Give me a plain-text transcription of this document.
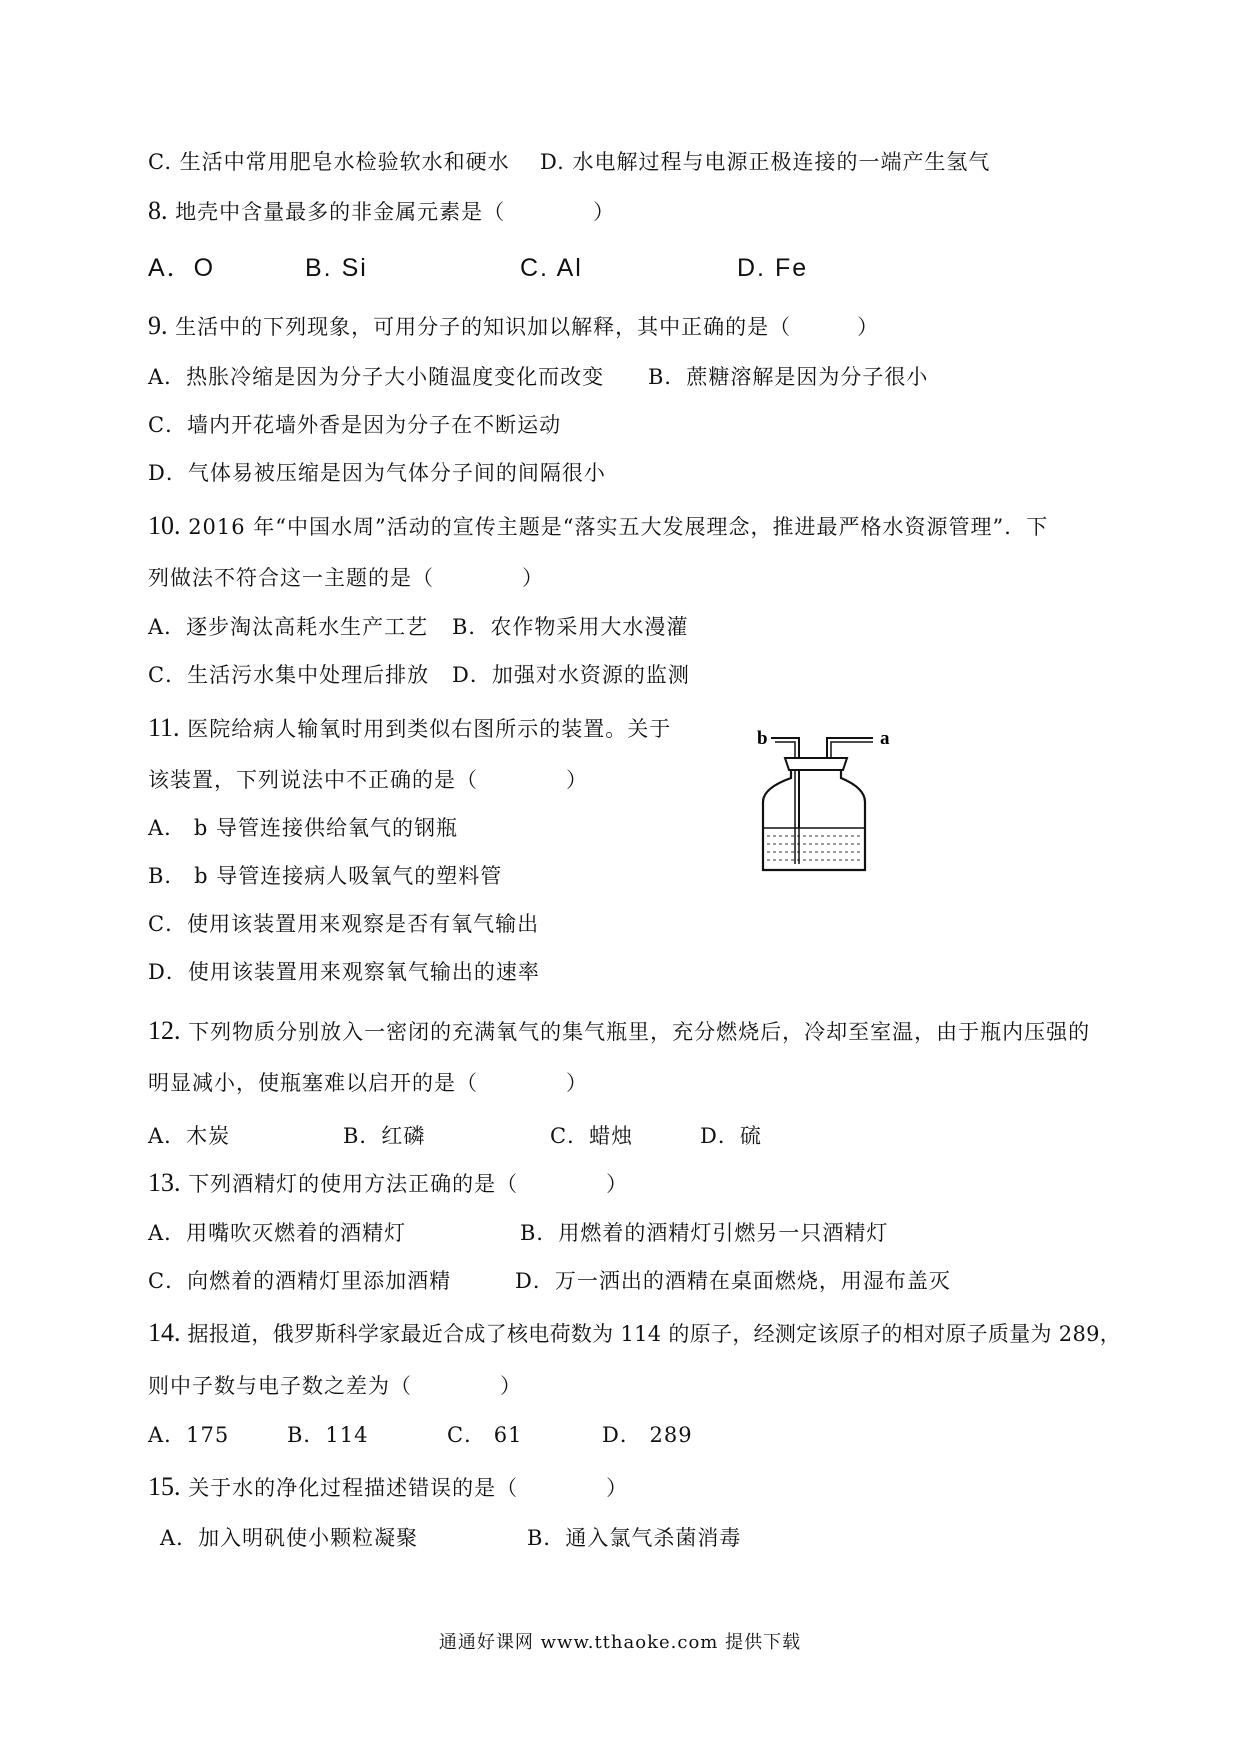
C. 生活中常用肥皂水检验软水和硬水 D. 水电解过程与电源正极连接的一端产生氢气
8. 地壳中含量最多的非金属元素是（　　　　）
A．O	B. Si	C. Al	D. Fe
9. 生活中的下列现象，可用分子的知识加以解释，其中正确的是（　　　）
A．热胀冷缩是因为分子大小随温度变化而改变 B．蔗糖溶解是因为分子很小
C．墙内开花墙外香是因为分子在不断运动
D．气体易被压缩是因为气体分子间的间隔很小
10. 2016 年“中国水周”活动的宣传主题是“落实五大发展理念，推进最严格水资源管理”．下
列做法不符合这一主题的是（　　　　）
A．逐步淘汰高耗水生产工艺 B．农作物采用大水漫灌
C．生活污水集中处理后排放 D．加强对水资源的监测
11. 医院给病人输氧时用到类似右图所示的装置。关于
该装置，下列说法中不正确的是（　　　　）
A． b 导管连接供给氧气的钢瓶
B． b 导管连接病人吸氧气的塑料管
C．使用该装置用来观察是否有氧气输出
D．使用该装置用来观察氧气输出的速率
b	a
12. 下列物质分别放入一密闭的充满氧气的集气瓶里，充分燃烧后，冷却至室温，由于瓶内压强的
明显减小，使瓶塞难以启开的是（　　　　）
A．木炭	B．红磷	C．蜡烛	D．硫
13. 下列酒精灯的使用方法正确的是（　　　　）
A．用嘴吹灭燃着的酒精灯	B．用燃着的酒精灯引燃另一只酒精灯
C．向燃着的酒精灯里添加酒精	D．万一洒出的酒精在桌面燃烧，用湿布盖灭
14. 据报道，俄罗斯科学家最近合成了核电荷数为 114 的原子，经测定该原子的相对原子质量为 289，
则中子数与电子数之差为（　　　　）
A．175	B．114	C． 61	D． 289
15. 关于水的净化过程描述错误的是（　　　　）
A．加入明矾使小颗粒凝聚	B．通入氯气杀菌消毒
通通好课网 www.tthaoke.com 提供下载
